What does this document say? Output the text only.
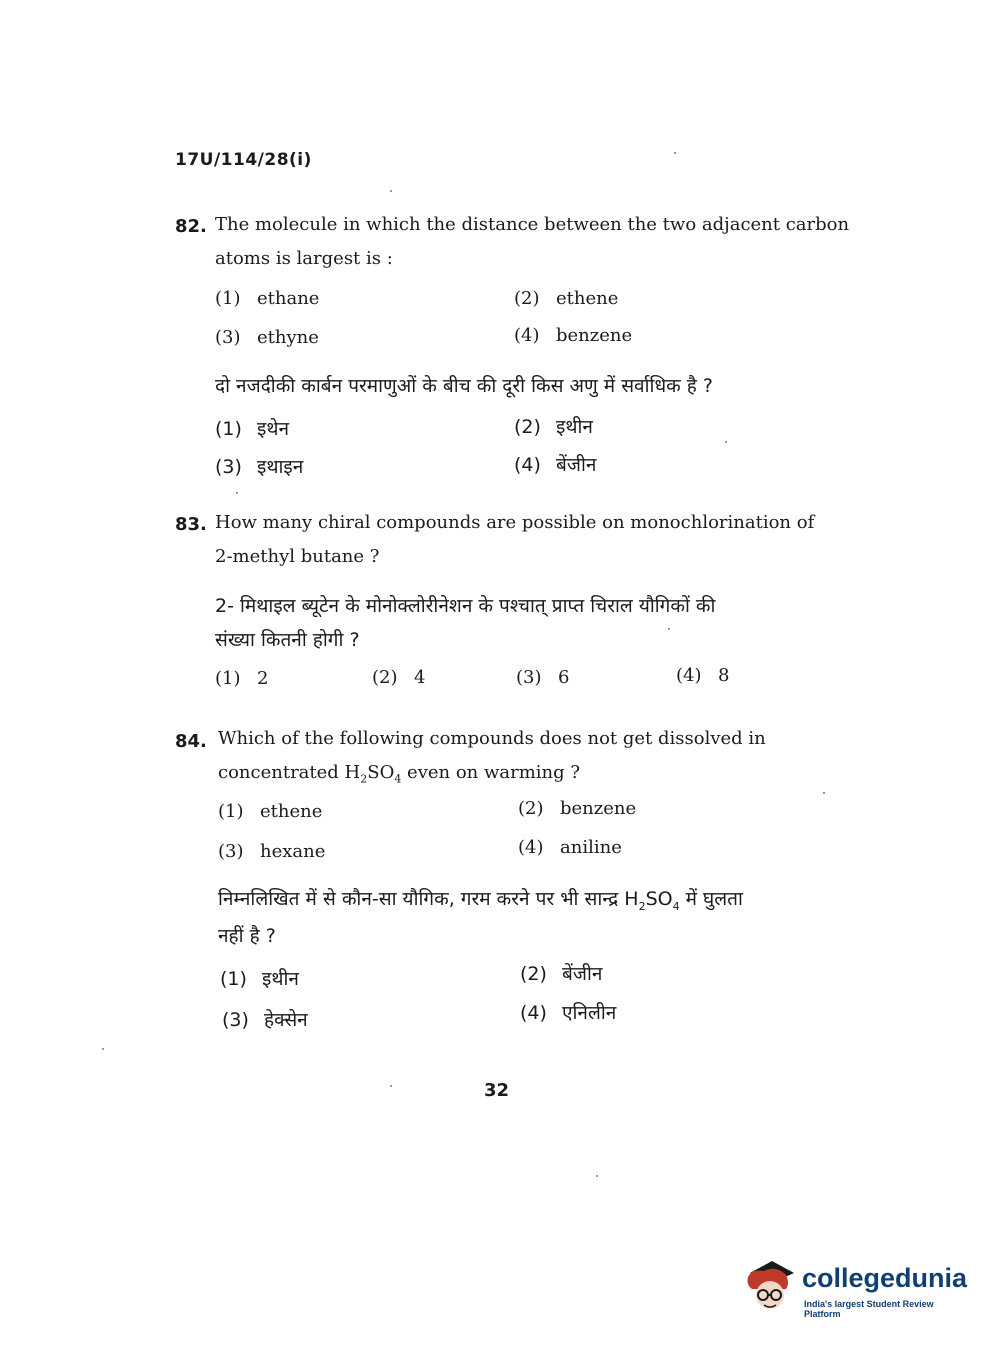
17U/114/28(i)
82. The molecule in which the distance between the two adjacent carbon
atoms is largest is :
(1) ethane	(2) ethene
(3) ethyne	(4) benzene
दो नजदीकी कार्बन परमाणुओं के बीच की दूरी किस अणु में सर्वाधिक है ?
(1) इथेन	(2) इथीन
(3) इथाइन	(4) बेंजीन
83. How many chiral compounds are possible on monochlorination of
2-methyl butane ?
2- मिथाइल ब्यूटेन के मोनोक्लोरीनेशन के पश्चात् प्राप्त चिराल यौगिकों की
संख्या कितनी होगी ?
(1) 2	(2) 4	(3) 6	(4) 8
84. Which of the following compounds does not get dissolved in
concentrated $H_2SO_4$ even on warming ?
(1) ethene	(2) benzene
(3) hexane	(4) aniline
निम्नलिखित में से कौन-सा यौगिक, गरम करने पर भी सान्द्र $H_2SO_4$ में घुलता
नहीं है ?
(1) इथीन	(2) बेंजीन
(3) हेक्सेन	(4) एनिलीन
32
collegedunia
India's largest Student Review Platform
